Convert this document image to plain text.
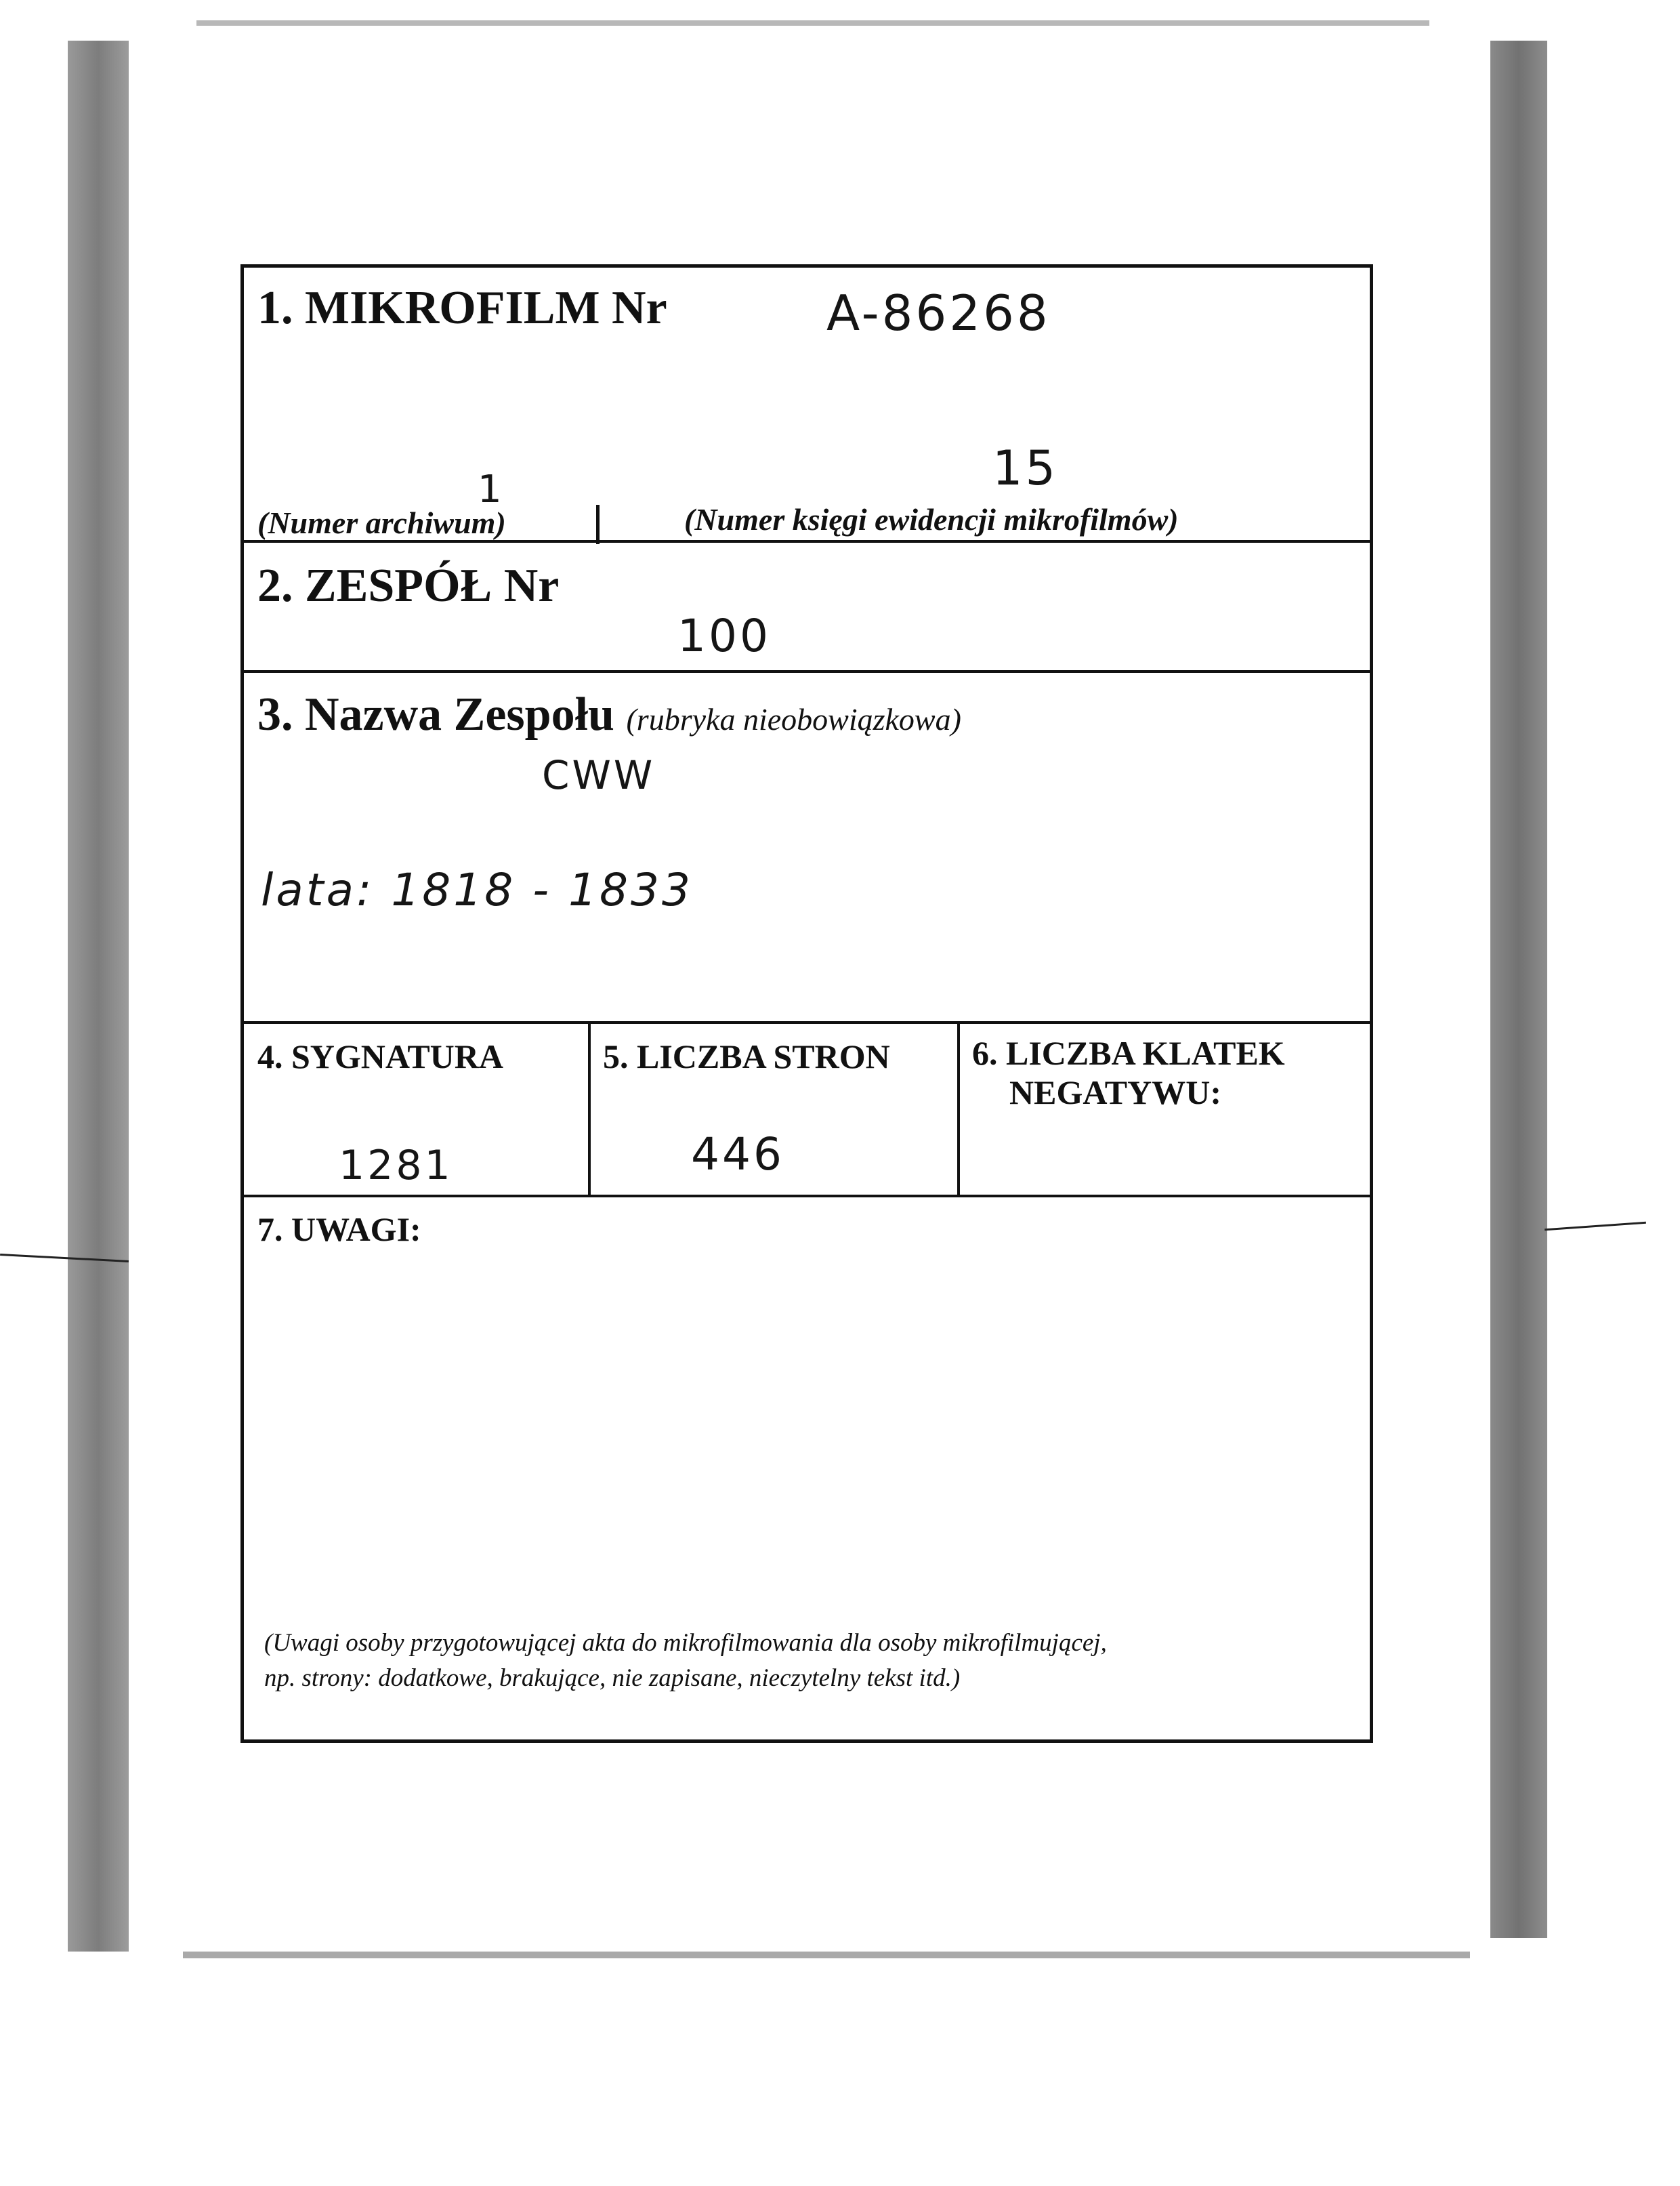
1. MIKROFILM Nr	A-86268
1	15
(Numer archiwum)	(Numer księgi ewidencji mikrofilmów)
2. ZESPÓŁ Nr
100
3. Nazwa Zespołu (rubryka nieobowiązkowa)
CWW
lata: 1818 - 1833
4. SYGNATURA
1281
5. LICZBA STRON
446
6. LICZBA KLATEK
NEGATYWU:
7. UWAGI:
(Uwagi osoby przygotowującej akta do mikrofilmowania dla osoby mikrofilmującej,
np. strony: dodatkowe, brakujące, nie zapisane, nieczytelny tekst itd.)
